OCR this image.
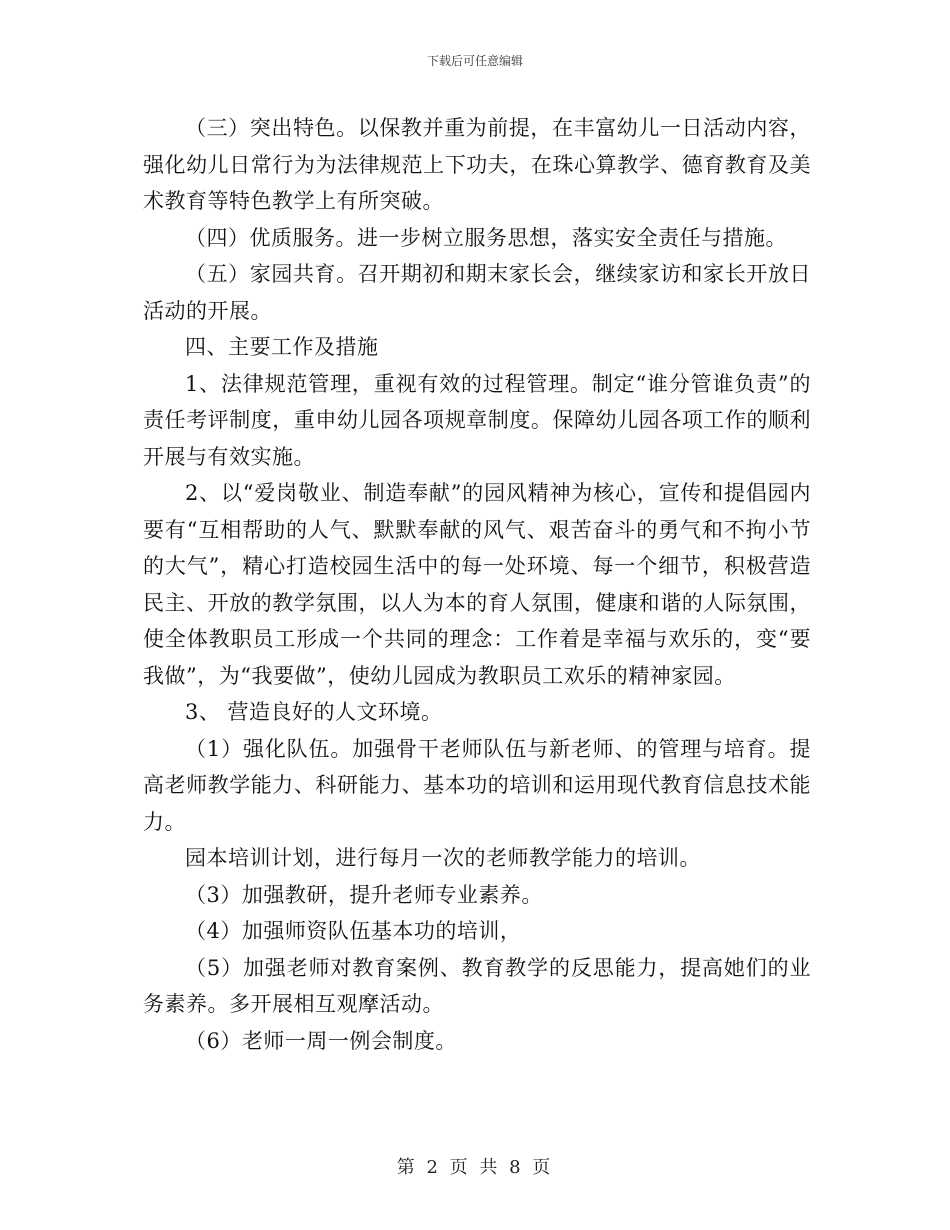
下载后可任意编辑

（三）突出特色。以保教并重为前提，在丰富幼儿一日活动内容，强化幼儿日常行为为法律规范上下功夫，在珠心算教学、德育教育及美术教育等特色教学上有所突破。

（四）优质服务。进一步树立服务思想，落实安全责任与措施。

（五）家园共育。召开期初和期末家长会，继续家访和家长开放日活动的开展。

四、主要工作及措施

1、法律规范管理，重视有效的过程管理。制定“谁分管谁负责”的责任考评制度，重申幼儿园各项规章制度。保障幼儿园各项工作的顺利开展与有效实施。

2、以“爱岗敬业、制造奉献”的园风精神为核心，宣传和提倡园内要有“互相帮助的人气、默默奉献的风气、艰苦奋斗的勇气和不拘小节的大气”，精心打造校园生活中的每一处环境、每一个细节，积极营造民主、开放的教学氛围，以人为本的育人氛围，健康和谐的人际氛围，使全体教职员工形成一个共同的理念：工作着是幸福与欢乐的，变“要我做”，为“我要做”，使幼儿园成为教职员工欢乐的精神家园。

3、 营造良好的人文环境。

（1）强化队伍。加强骨干老师队伍与新老师、的管理与培育。提高老师教学能力、科研能力、基本功的培训和运用现代教育信息技术能力。

园本培训计划，进行每月一次的老师教学能力的培训。

（3）加强教研，提升老师专业素养。

（4）加强师资队伍基本功的培训，

（5）加强老师对教育案例、教育教学的反思能力，提高她们的业务素养。多开展相互观摩活动。

（6）老师一周一例会制度。

第 2 页 共 8 页
